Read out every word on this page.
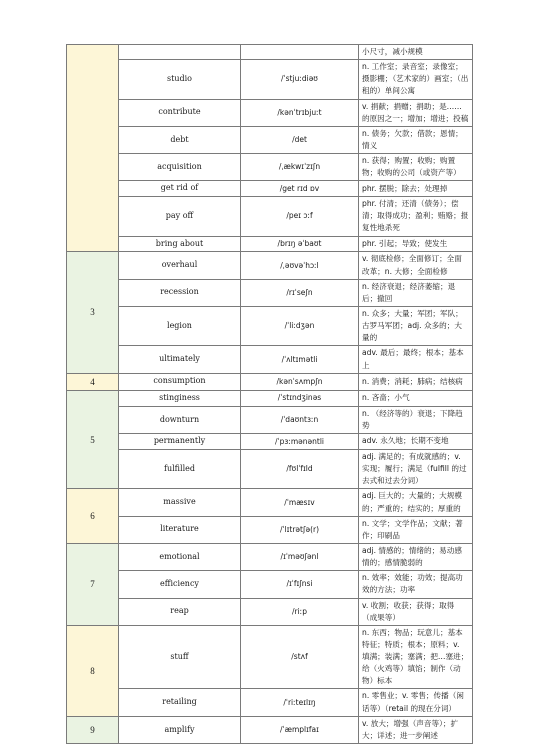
			小尺寸，减小规模
	studio	/ˈstjuːdiəʊ	n. 工作室；录音室；录像室；摄影棚；（艺术家的）画室；（出租的）单间公寓
	contribute	/kənˈtrɪbjuːt	v. 捐献；捐赠；捐助；是……的原因之一；增加；增进；投稿
	debt	/det	n. 债务；欠款；借款；恩情；情义
	acquisition	/ˌækwɪˈzɪʃn	n. 获得；购置；收购；购置物；收购的公司（或资产等）
	get rid of	/get rɪd ɒv	phr. 摆脱；除去；处理掉
	pay off	/peɪ ɔːf	phr. 付清；还清（债务）；偿清；取得成功；盈利；贿赂；报复性地杀死
	bring about	/brɪŋ əˈbaʊt	phr. 引起；导致；使发生
3	overhaul	/ˌəʊvəˈhɔːl	v. 彻底检修；全面修订；全面改革；n. 大修；全面检修
	recession	/rɪˈseʃn	n. 经济衰退；经济萎缩；退后；撤回
	legion	/ˈliːdʒən	n. 众多；大量；军团；军队；古罗马军团；adj. 众多的；大量的
	ultimately	/ˈʌltɪmətli	adv. 最后；最终；根本；基本上
4	consumption	/kənˈsʌmpʃn	n. 消费；消耗；肺病；结核病
5	stinginess	/ˈstɪndʒinəs	n. 吝啬；小气
	downturn	/ˈdaʊntɜːn	n. （经济等的）衰退；下降趋势
	permanently	/ˈpɜːmənəntli	adv. 永久地；长期不变地
	fulfilled	/fʊlˈfɪld	adj. 满足的；有成就感的；v. 实现；履行；满足（fulfill 的过去式和过去分词）
6	massive	/ˈmæsɪv	adj. 巨大的；大量的；大规模的；严重的；结实的；厚重的
	literature	/ˈlɪtrətʃə(r)	n. 文学；文学作品；文献；著作；印刷品
7	emotional	/ɪˈməʊʃənl	adj. 情感的；情绪的；易动感情的；感情脆弱的
	efficiency	/ɪˈfɪʃnsi	n. 效率；效能；功效；提高功效的方法；功率
	reap	/riːp	v. 收割；收获；获得；取得（成果等）
8	stuff	/stʌf	n. 东西；物品；玩意儿；基本特征；特质；根本；原料；v. 填满；装满；塞满；把…塞进；给（火鸡等）填馅；制作（动物）标本
	retailing	/ˈriːteɪlɪŋ	n. 零售业；v. 零售；传播（闲话等）（retail 的现在分词）
9	amplify	/ˈæmplɪfaɪ	v. 放大；增强（声音等）；扩大；详述；进一步阐述
